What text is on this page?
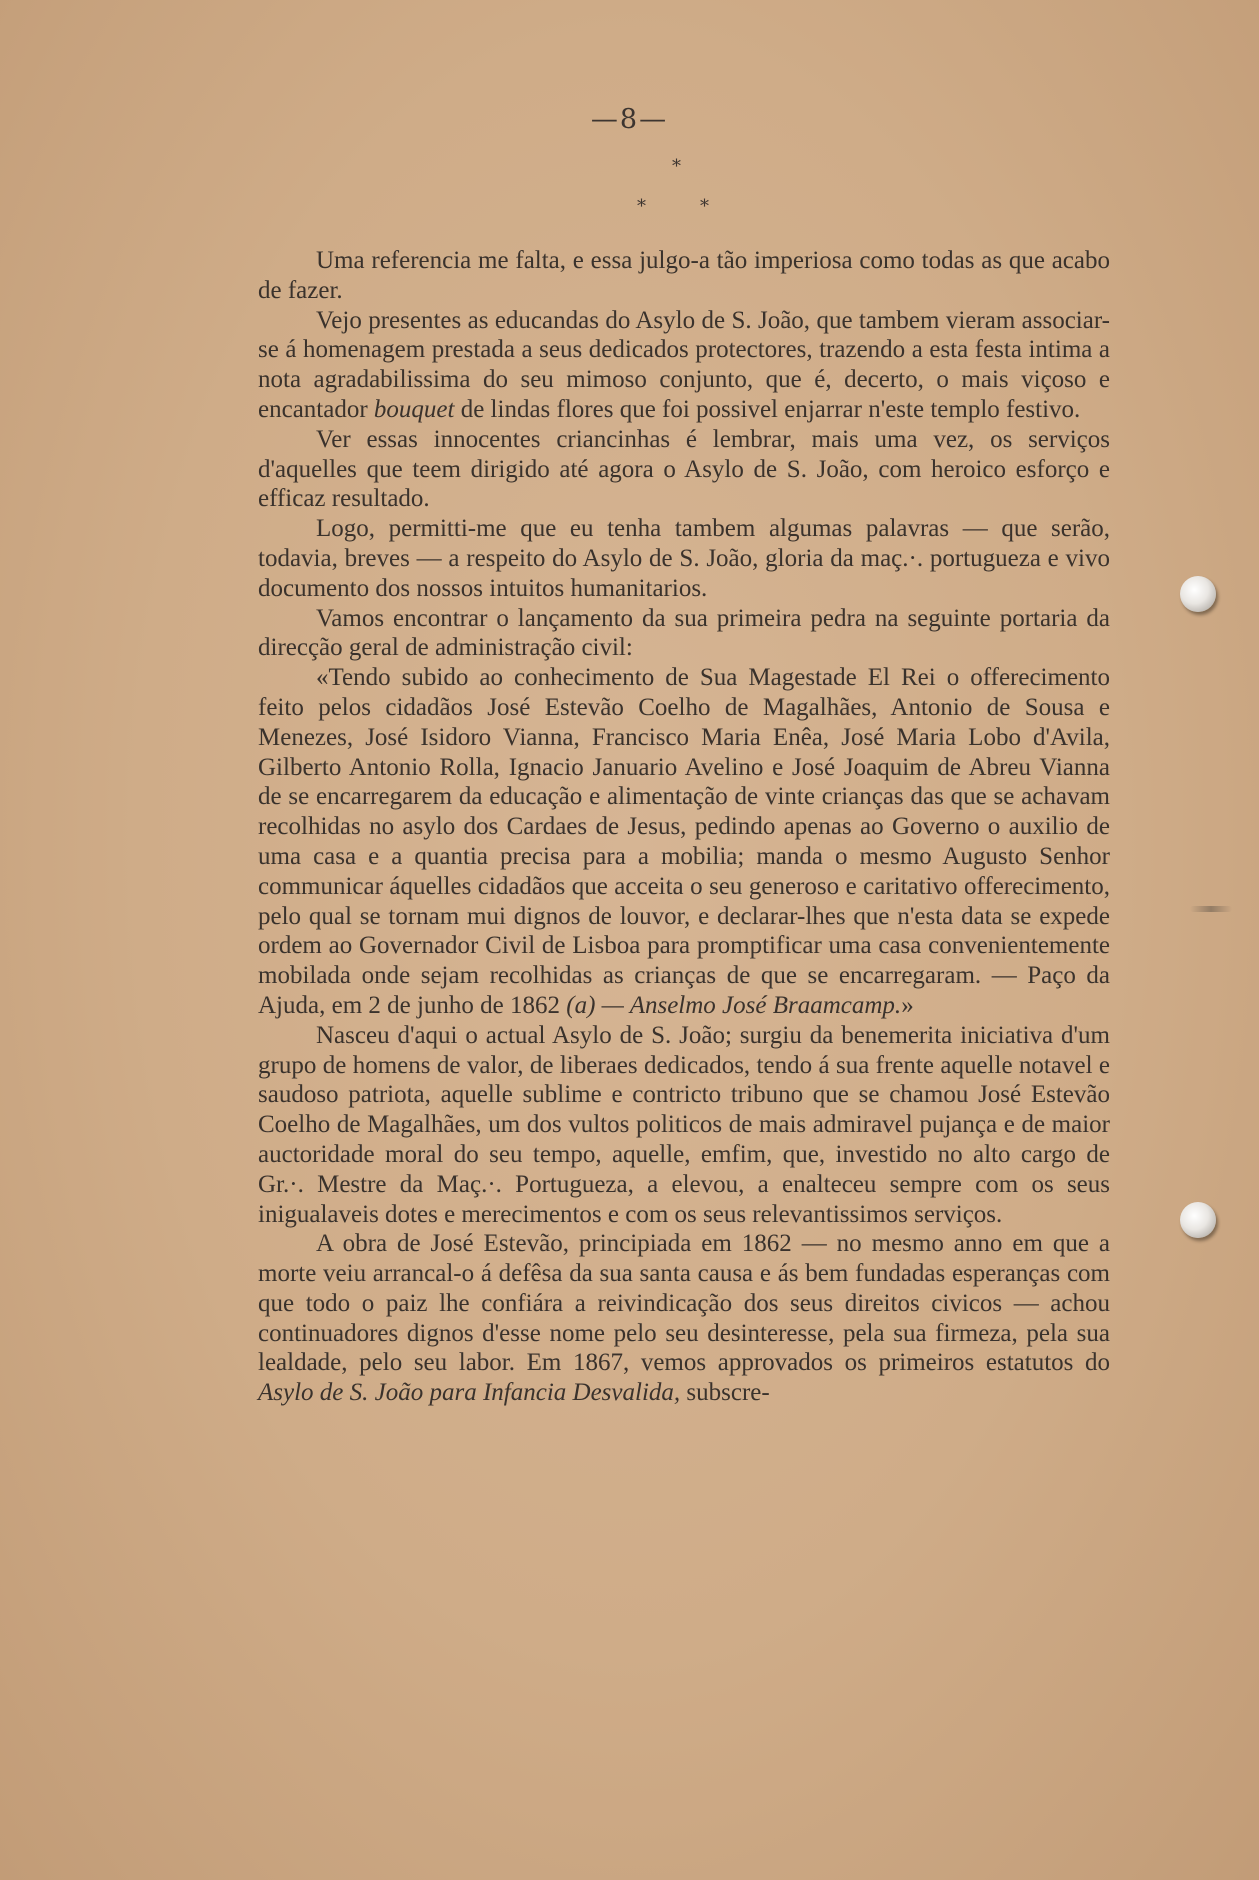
—8—
*
*	*

Uma referencia me falta, e essa julgo-a tão imperiosa como todas as que acabo de fazer.

Vejo presentes as educandas do Asylo de S. João, que tambem vieram associar-se á homenagem prestada a seus dedicados protectores, trazendo a esta festa intima a nota agradabilissima do seu mimoso conjunto, que é, decerto, o mais viçoso e encantador bouquet de lindas flores que foi possivel enjarrar n'este templo festivo.

Ver essas innocentes criancinhas é lembrar, mais uma vez, os serviços d'aquelles que teem dirigido até agora o Asylo de S. João, com heroico esforço e efficaz resultado.

Logo, permitti-me que eu tenha tambem algumas palavras — que serão, todavia, breves — a respeito do Asylo de S. João, gloria da maç.·. portugueza e vivo documento dos nossos intuitos humanitarios.

Vamos encontrar o lançamento da sua primeira pedra na seguinte portaria da direcção geral de administração civil:

«Tendo subido ao conhecimento de Sua Magestade El Rei o offerecimento feito pelos cidadãos José Estevão Coelho de Magalhães, Antonio de Sousa e Menezes, José Isidoro Vianna, Francisco Maria Enêa, José Maria Lobo d'Avila, Gilberto Antonio Rolla, Ignacio Januario Avelino e José Joaquim de Abreu Vianna de se encarregarem da educação e alimentação de vinte crianças das que se achavam recolhidas no asylo dos Cardaes de Jesus, pedindo apenas ao Governo o auxilio de uma casa e a quantia precisa para a mobilia; manda o mesmo Augusto Senhor communicar áquelles cidadãos que acceita o seu generoso e caritativo offerecimento, pelo qual se tornam mui dignos de louvor, e declarar-lhes que n'esta data se expede ordem ao Governador Civil de Lisboa para promptificar uma casa convenientemente mobilada onde sejam recolhidas as crianças de que se encarregaram. — Paço da Ajuda, em 2 de junho de 1862 (a) — Anselmo José Braamcamp.»

Nasceu d'aqui o actual Asylo de S. João; surgiu da benemerita iniciativa d'um grupo de homens de valor, de liberaes dedicados, tendo á sua frente aquelle notavel e saudoso patriota, aquelle sublime e contricto tribuno que se chamou José Estevão Coelho de Magalhães, um dos vultos politicos de mais admiravel pujança e de maior auctoridade moral do seu tempo, aquelle, emfim, que, investido no alto cargo de Gr.·. Mestre da Maç.·. Portugueza, a elevou, a enalteceu sempre com os seus inigualaveis dotes e merecimentos e com os seus relevantissimos serviços.

A obra de José Estevão, principiada em 1862 — no mesmo anno em que a morte veiu arrancal-o á defêsa da sua santa causa e ás bem fundadas esperanças com que todo o paiz lhe confiára a reivindicação dos seus direitos civicos — achou continuadores dignos d'esse nome pelo seu desinteresse, pela sua firmeza, pela sua lealdade, pelo seu labor. Em 1867, vemos approvados os primeiros estatutos do Asylo de S. João para Infancia Desvalida, subscre-
